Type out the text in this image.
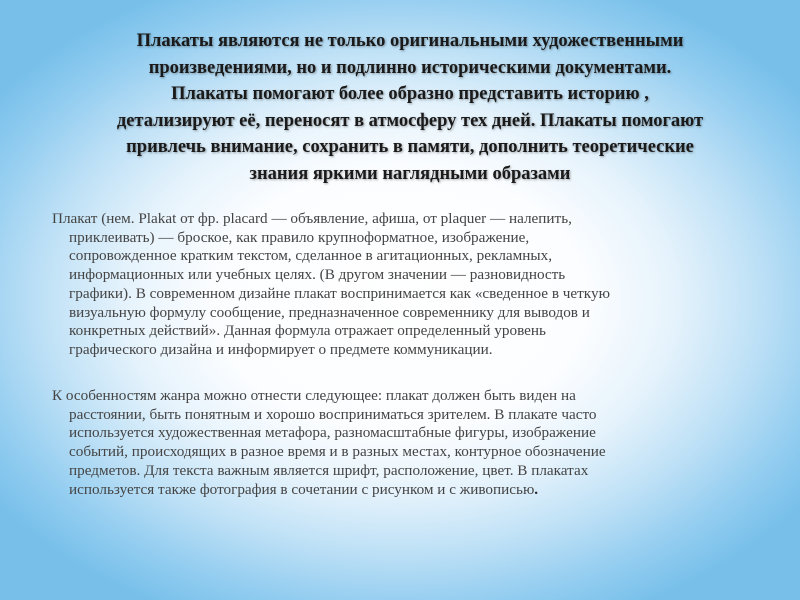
Плакаты являются не только оригинальными художественными
произведениями, но и подлинно историческими документами.
Плакаты помогают более образно представить историю ,
детализируют её, переносят в атмосферу тех дней. Плакаты помогают
привлечь внимание, сохранить в памяти, дополнить теоретические
знания яркими наглядными образами

Плакат (нем. Plakat от фр. placard — объявление, афиша, от plaquer — налепить,
приклеивать) — броское, как правило крупноформатное, изображение,
сопровожденное кратким текстом, сделанное в агитационных, рекламных,
информационных или учебных целях. (В другом значении — разновидность
графики). В современном дизайне плакат воспринимается как «сведенное в четкую
визуальную формулу сообщение, предназначенное современнику для выводов и
конкретных действий». Данная формула отражает определенный уровень
графического дизайна и информирует о предмете коммуникации.

К особенностям жанра можно отнести следующее: плакат должен быть виден на
расстоянии, быть понятным и хорошо восприниматься зрителем. В плакате часто
используется художественная метафора, разномасштабные фигуры, изображение
событий, происходящих в разное время и в разных местах, контурное обозначение
предметов. Для текста важным является шрифт, расположение, цвет. В плакатах
используется также фотография в сочетании с рисунком и с живописью.
